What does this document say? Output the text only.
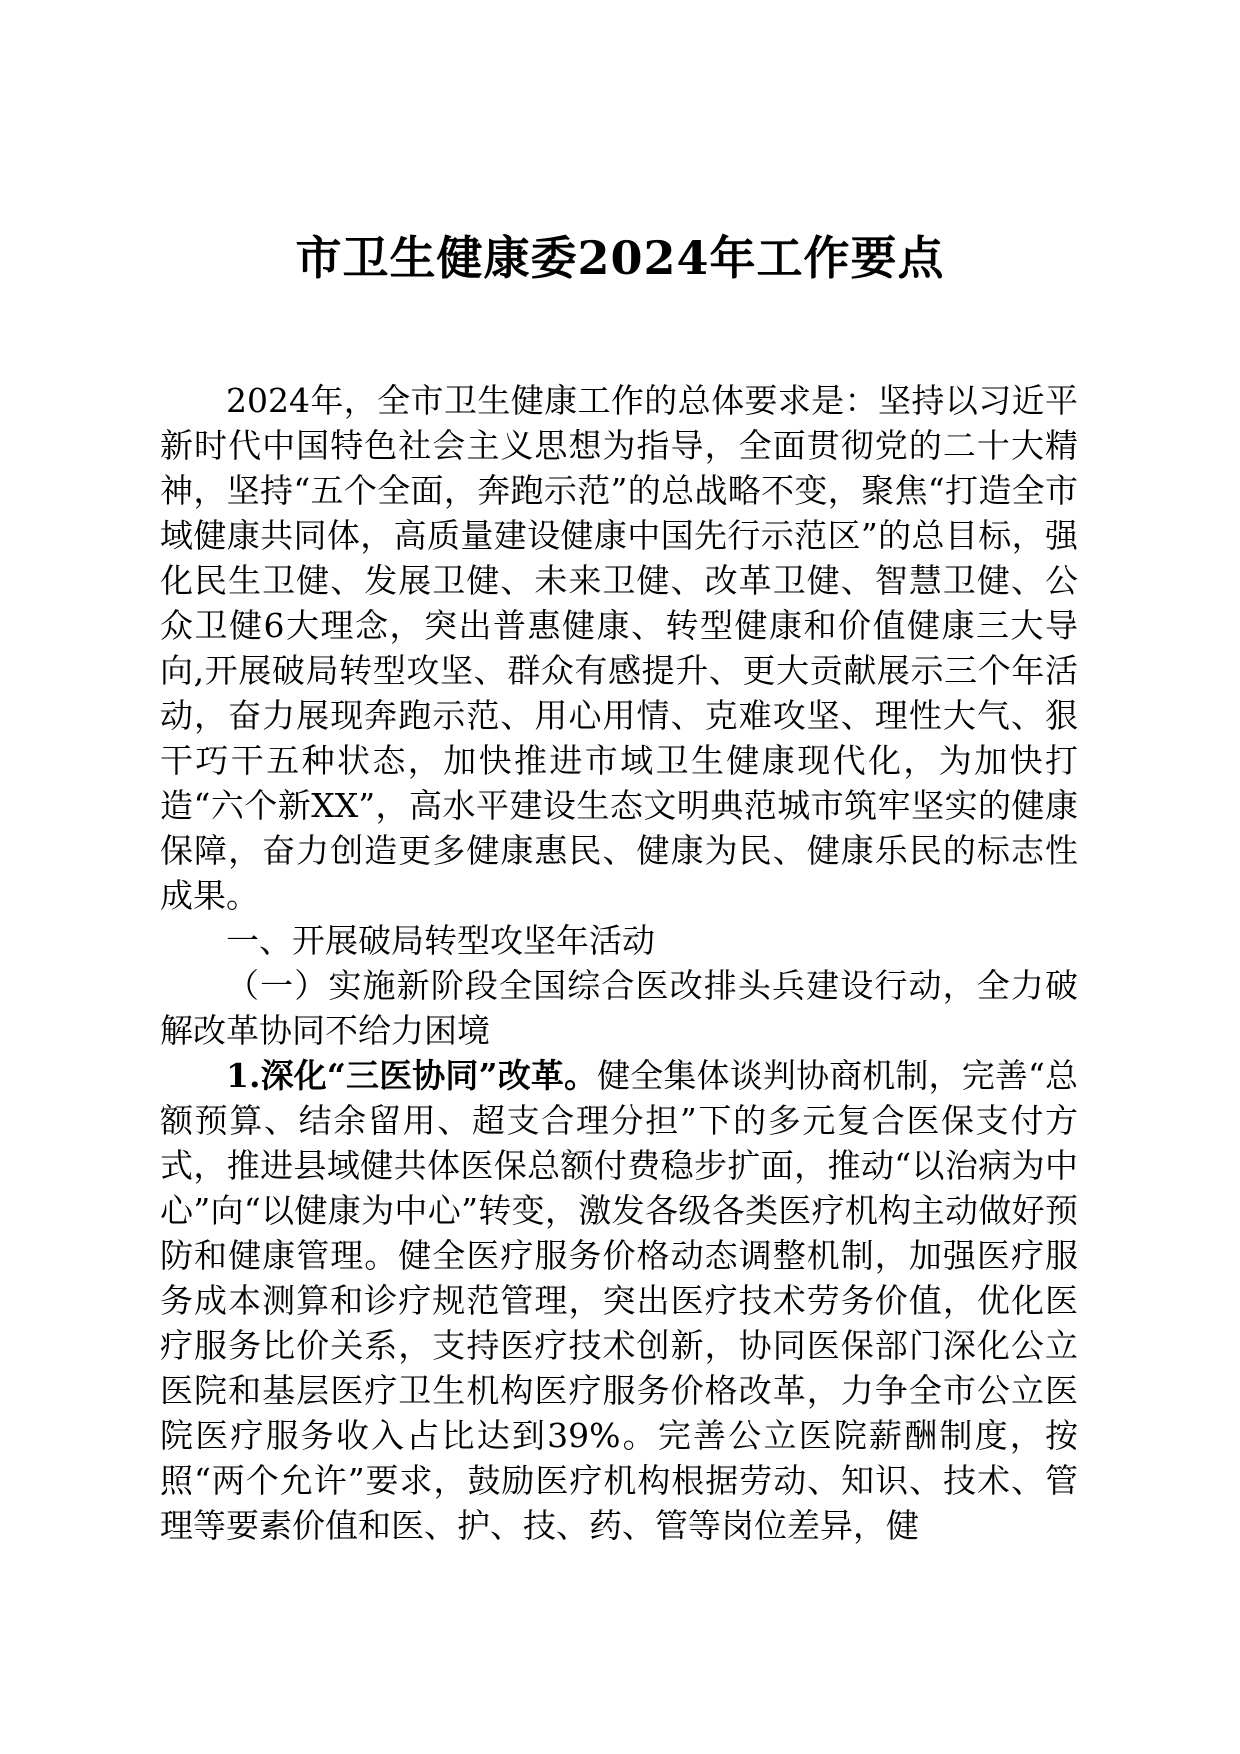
市卫生健康委2024年工作要点

2024年，全市卫生健康工作的总体要求是：坚持以习近平新时代中国特色社会主义思想为指导，全面贯彻党的二十大精神，坚持“五个全面，奔跑示范”的总战略不变，聚焦“打造全市域健康共同体，高质量建设健康中国先行示范区”的总目标，强化民生卫健、发展卫健、未来卫健、改革卫健、智慧卫健、公众卫健6大理念，突出普惠健康、转型健康和价值健康三大导向,开展破局转型攻坚、群众有感提升、更大贡献展示三个年活动，奋力展现奔跑示范、用心用情、克难攻坚、理性大气、狠干巧干五种状态，加快推进市域卫生健康现代化，为加快打造“六个新XX”，高水平建设生态文明典范城市筑牢坚实的健康保障，奋力创造更多健康惠民、健康为民、健康乐民的标志性成果。

一、开展破局转型攻坚年活动

（一）实施新阶段全国综合医改排头兵建设行动，全力破解改革协同不给力困境

1.深化“三医协同”改革。健全集体谈判协商机制，完善“总额预算、结余留用、超支合理分担”下的多元复合医保支付方式，推进县域健共体医保总额付费稳步扩面，推动“以治病为中心”向“以健康为中心”转变，激发各级各类医疗机构主动做好预防和健康管理。健全医疗服务价格动态调整机制，加强医疗服务成本测算和诊疗规范管理，突出医疗技术劳务价值，优化医疗服务比价关系，支持医疗技术创新，协同医保部门深化公立医院和基层医疗卫生机构医疗服务价格改革，力争全市公立医院医疗服务收入占比达到39%。完善公立医院薪酬制度，按照“两个允许”要求，鼓励医疗机构根据劳动、知识、技术、管理等要素价值和医、护、技、药、管等岗位差异，健
